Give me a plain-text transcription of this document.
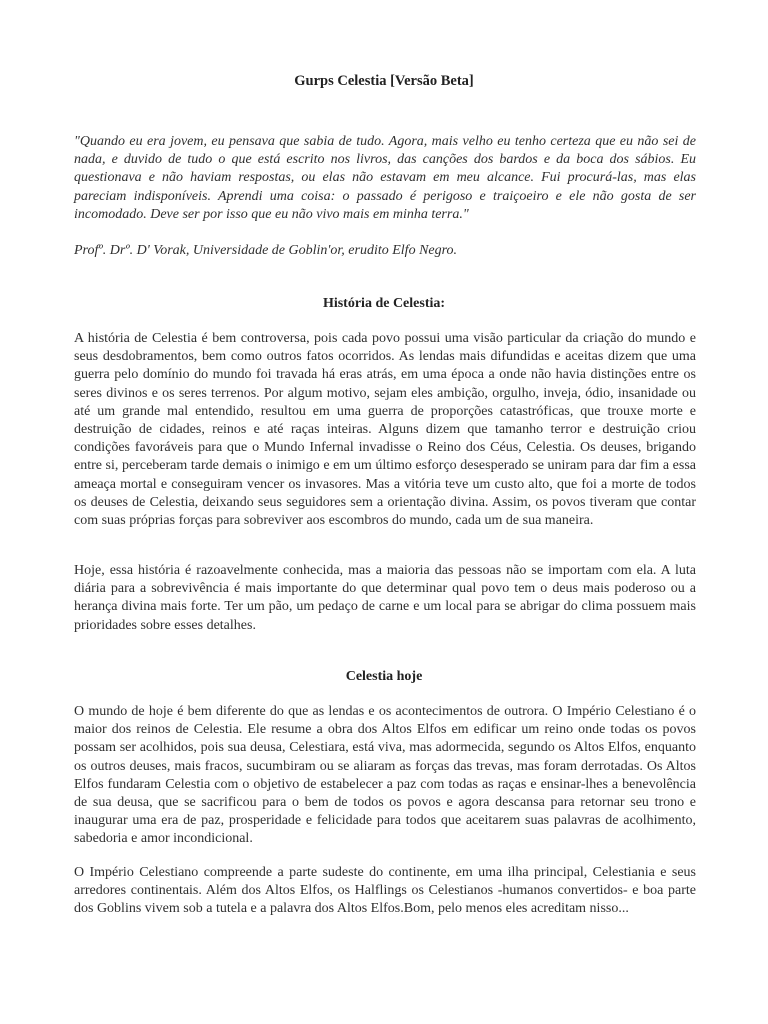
Gurps Celestia [Versão Beta]
"Quando eu era jovem, eu pensava que sabia de tudo. Agora, mais velho eu tenho certeza que eu não sei de nada, e duvido de tudo o que está escrito nos livros, das canções dos bardos e da boca dos sábios. Eu questionava e não haviam respostas, ou elas não estavam em meu alcance. Fui procurá-las, mas elas pareciam indisponíveis. Aprendi uma coisa: o passado é perigoso e traiçoeiro e ele não gosta de ser incomodado. Deve ser por isso que eu não vivo mais em minha terra."
Profº. Drº. D' Vorak, Universidade de Goblin'or, erudito Elfo Negro.
História de Celestia:
A história de Celestia é bem controversa, pois cada povo possui uma visão particular da criação do mundo e seus desdobramentos, bem como outros fatos ocorridos. As lendas mais difundidas e aceitas dizem que uma guerra pelo domínio do mundo foi travada há eras atrás, em uma época a onde não havia distinções entre os seres divinos e os seres terrenos. Por algum motivo, sejam eles ambição, orgulho, inveja, ódio, insanidade ou até um grande mal entendido, resultou em uma guerra de proporções catastróficas, que trouxe morte e destruição de cidades, reinos e até raças inteiras. Alguns dizem que tamanho terror e destruição criou condições favoráveis para que o Mundo Infernal invadisse o Reino dos Céus, Celestia. Os deuses, brigando entre si, perceberam tarde demais o inimigo e em um último esforço desesperado se uniram para dar fim a essa ameaça mortal e conseguiram vencer os invasores. Mas a vitória teve um custo alto, que foi a morte de todos os deuses de Celestia, deixando seus seguidores sem a orientação divina. Assim, os povos tiveram que contar com suas próprias forças para sobreviver aos escombros do mundo, cada um de sua maneira.
Hoje, essa história é razoavelmente conhecida, mas a maioria das pessoas não se importam com ela. A luta diária para a sobrevivência é mais importante do que determinar qual povo tem o deus mais poderoso ou a herança divina mais forte. Ter um pão, um pedaço de carne e um local para se abrigar do clima possuem mais prioridades sobre esses detalhes.
Celestia hoje
O mundo de hoje é bem diferente do que as lendas e os acontecimentos de outrora. O Império Celestiano é o maior dos reinos de Celestia. Ele resume a obra dos Altos Elfos em edificar um reino onde todas os povos possam ser acolhidos, pois sua deusa, Celestiara, está viva, mas adormecida, segundo os Altos Elfos, enquanto os outros deuses, mais fracos, sucumbiram ou se aliaram as forças das trevas, mas foram derrotadas. Os Altos Elfos fundaram Celestia com o objetivo de estabelecer a paz com todas as raças e ensinar-lhes a benevolência de sua deusa, que se sacrificou para o bem de todos os povos e agora descansa para retornar seu trono e inaugurar uma era de paz, prosperidade e felicidade para todos que aceitarem suas palavras de acolhimento, sabedoria e amor incondicional.
O Império Celestiano compreende a parte sudeste do continente, em uma ilha principal, Celestiania e seus arredores continentais. Além dos Altos Elfos, os Halflings os Celestianos -humanos convertidos- e boa parte dos Goblins vivem sob a tutela e a palavra dos Altos Elfos.Bom, pelo menos eles acreditam nisso...
